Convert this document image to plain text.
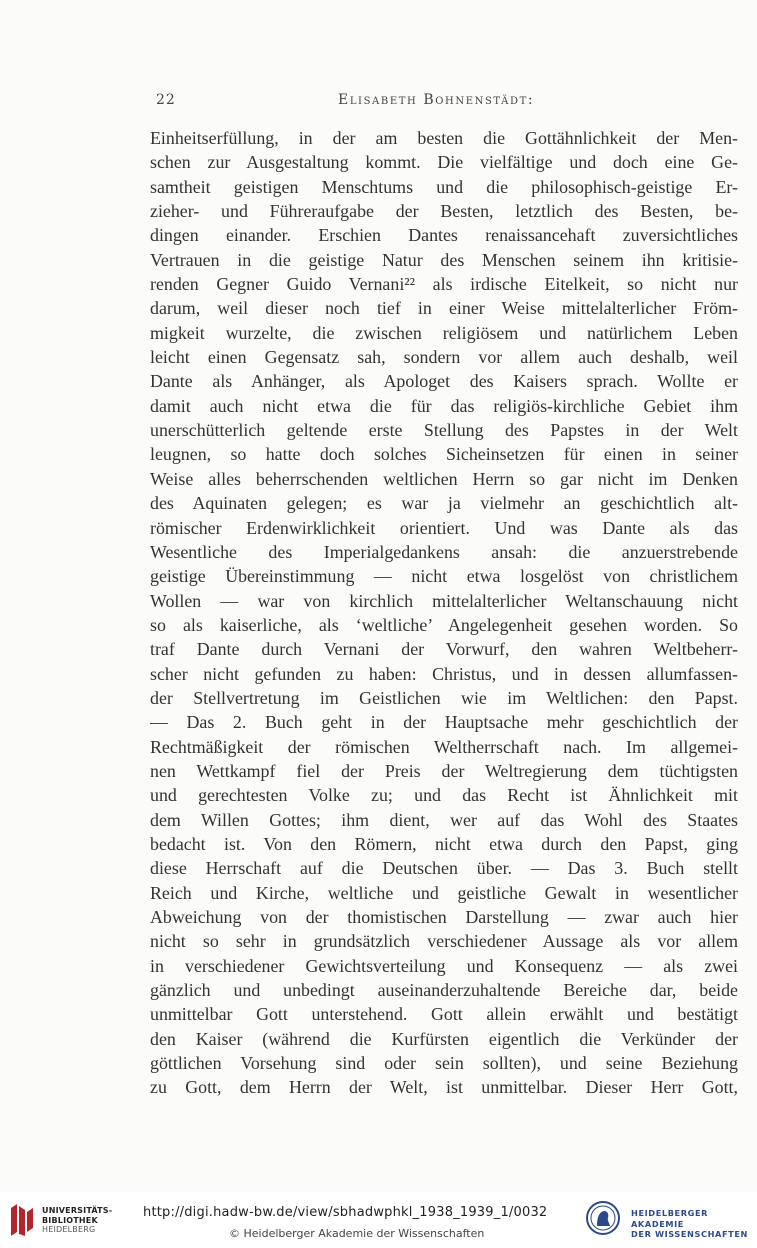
22	Elisabeth Bohnenstädt:
Einheitserfüllung, in der am besten die Gottähnlichkeit der Men-
schen zur Ausgestaltung kommt. Die vielfältige und doch eine Ge-
samtheit geistigen Menschtums und die philosophisch-geistige Er-
zieher- und Führeraufgabe der Besten, letztlich des Besten, be-
dingen einander. Erschien Dantes renaissancehaft zuversichtliches
Vertrauen in die geistige Natur des Menschen seinem ihn kritisie-
renden Gegner Guido Vernani²² als irdische Eitelkeit, so nicht nur
darum, weil dieser noch tief in einer Weise mittelalterlicher Fröm-
migkeit wurzelte, die zwischen religiösem und natürlichem Leben
leicht einen Gegensatz sah, sondern vor allem auch deshalb, weil
Dante als Anhänger, als Apologet des Kaisers sprach. Wollte er
damit auch nicht etwa die für das religiös-kirchliche Gebiet ihm
unerschütterlich geltende erste Stellung des Papstes in der Welt
leugnen, so hatte doch solches Sicheinsetzen für einen in seiner
Weise alles beherrschenden weltlichen Herrn so gar nicht im Denken
des Aquinaten gelegen; es war ja vielmehr an geschichtlich alt-
römischer Erdenwirklichkeit orientiert. Und was Dante als das
Wesentliche des Imperialgedankens ansah: die anzuerstrebende
geistige Übereinstimmung — nicht etwa losgelöst von christlichem
Wollen — war von kirchlich mittelalterlicher Weltanschauung nicht
so als kaiserliche, als ‘weltliche’ Angelegenheit gesehen worden. So
traf Dante durch Vernani der Vorwurf, den wahren Weltbeherr-
scher nicht gefunden zu haben: Christus, und in dessen allumfassen-
der Stellvertretung im Geistlichen wie im Weltlichen: den Papst.
— Das 2. Buch geht in der Hauptsache mehr geschichtlich der
Rechtmäßigkeit der römischen Weltherrschaft nach. Im allgemei-
nen Wettkampf fiel der Preis der Weltregierung dem tüchtigsten
und gerechtesten Volke zu; und das Recht ist Ähnlichkeit mit
dem Willen Gottes; ihm dient, wer auf das Wohl des Staates
bedacht ist. Von den Römern, nicht etwa durch den Papst, ging
diese Herrschaft auf die Deutschen über. — Das 3. Buch stellt
Reich und Kirche, weltliche und geistliche Gewalt in wesentlicher
Abweichung von der thomistischen Darstellung — zwar auch hier
nicht so sehr in grundsätzlich verschiedener Aussage als vor allem
in verschiedener Gewichtsverteilung und Konsequenz — als zwei
gänzlich und unbedingt auseinanderzuhaltende Bereiche dar, beide
unmittelbar Gott unterstehend. Gott allein erwählt und bestätigt
den Kaiser (während die Kurfürsten eigentlich die Verkünder der
göttlichen Vorsehung sind oder sein sollten), und seine Beziehung
zu Gott, dem Herrn der Welt, ist unmittelbar. Dieser Herr Gott,
UNIVERSITÄTS-
BIBLIOTHEK
HEIDELBERG
http://digi.hadw-bw.de/view/sbhadwphkl_1938_1939_1/0032
© Heidelberger Akademie der Wissenschaften
HEIDELBERGER AKADEMIE
DER WISSENSCHAFTEN
